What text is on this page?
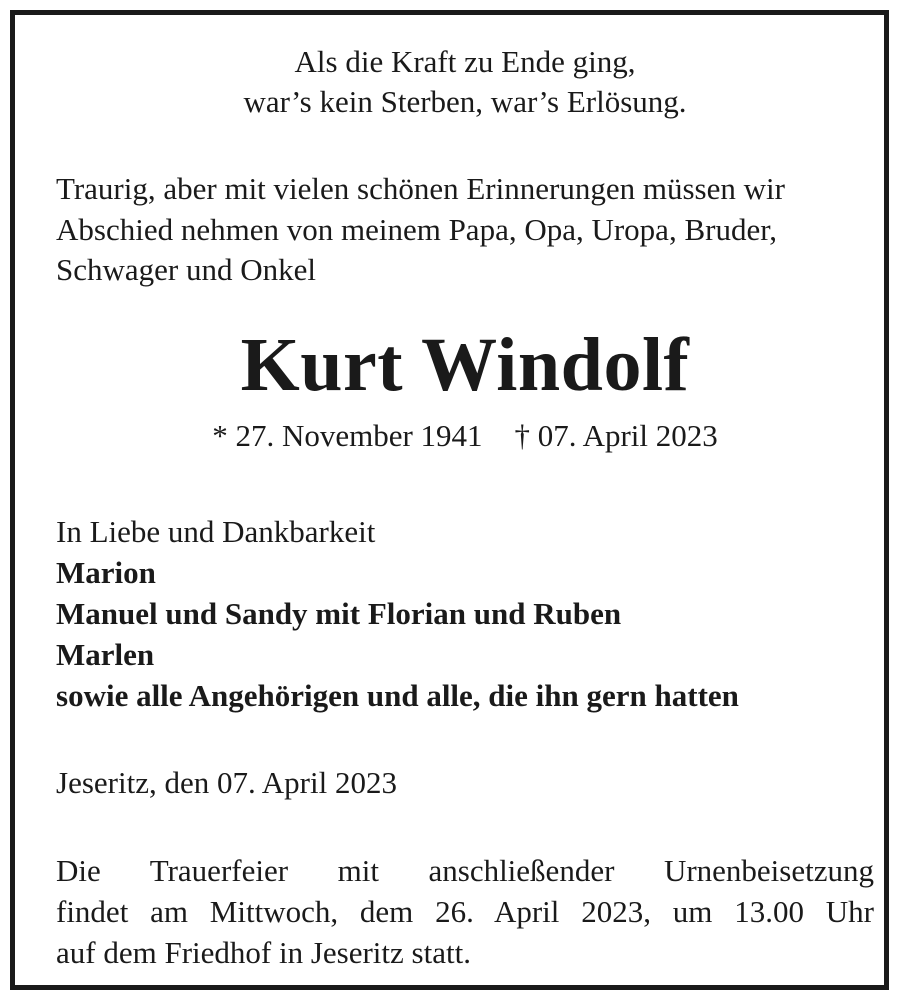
Als die Kraft zu Ende ging,
war’s kein Sterben, war’s Erlösung.
Traurig, aber mit vielen schönen Erinnerungen müssen wir
Abschied nehmen von meinem Papa, Opa, Uropa, Bruder,
Schwager und Onkel
Kurt Windolf
* 27. November 1941 † 07. April 2023
In Liebe und Dankbarkeit
Marion
Manuel und Sandy mit Florian und Ruben
Marlen
sowie alle Angehörigen und alle, die ihn gern hatten
Jeseritz, den 07. April 2023
Die Trauerfeier mit anschließender Urnenbeisetzung
findet am Mittwoch, dem 26. April 2023, um 13.00 Uhr
auf dem Friedhof in Jeseritz statt.
